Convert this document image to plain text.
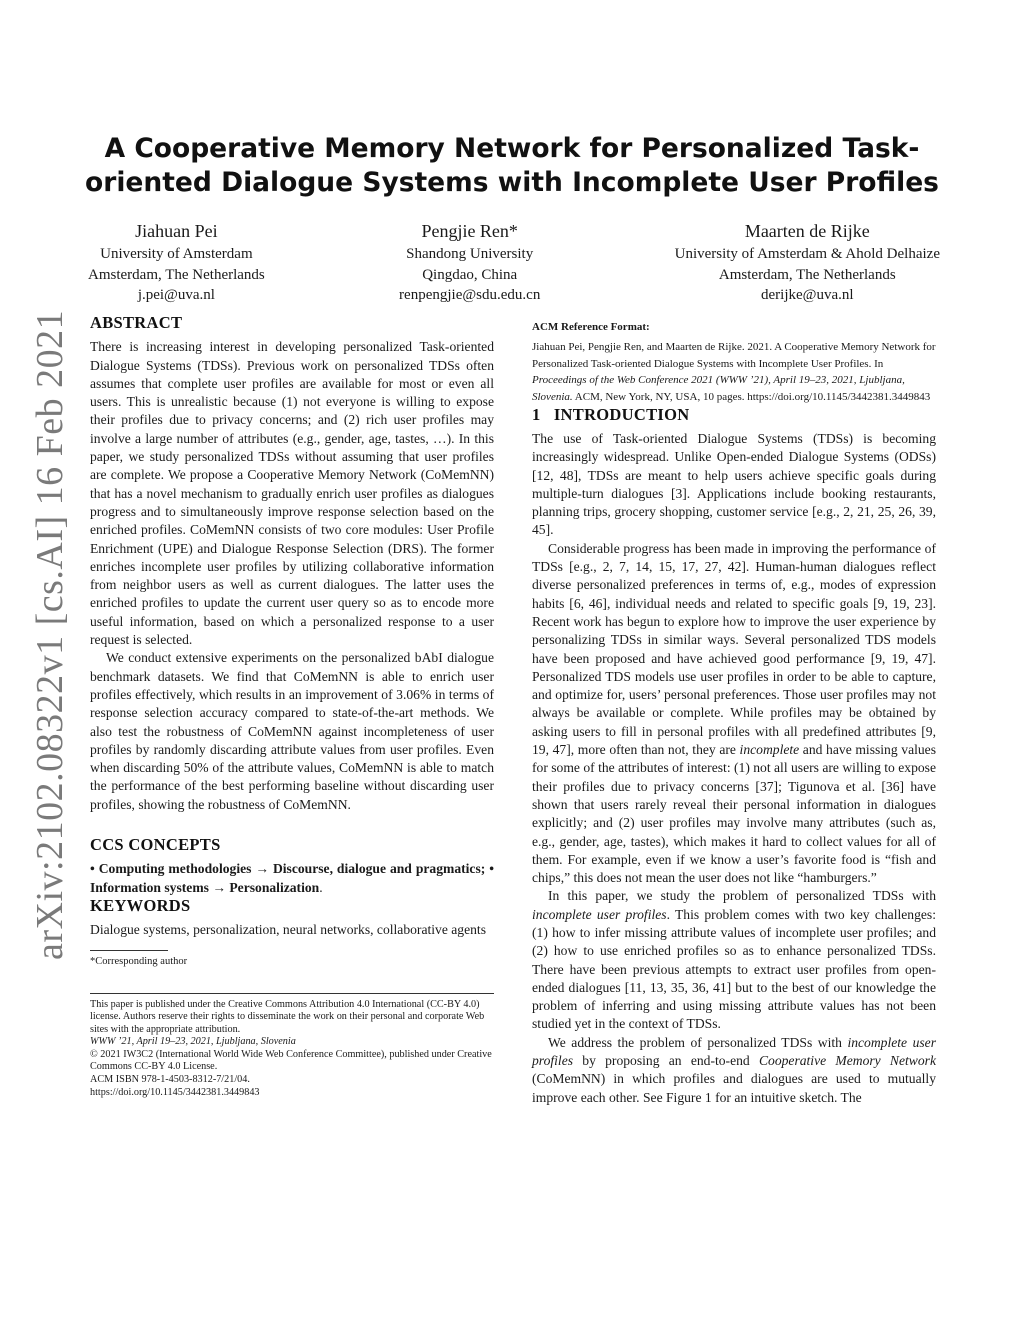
arXiv:2102.08322v1 [cs.AI] 16 Feb 2021
A Cooperative Memory Network for Personalized Task-oriented Dialogue Systems with Incomplete User Profiles
Jiahuan Pei
University of Amsterdam
Amsterdam, The Netherlands
j.pei@uva.nl
Pengjie Ren*
Shandong University
Qingdao, China
renpengjie@sdu.edu.cn
Maarten de Rijke
University of Amsterdam & Ahold Delhaize
Amsterdam, The Netherlands
derijke@uva.nl
ABSTRACT

There is increasing interest in developing personalized Task-oriented Dialogue Systems (TDSs). Previous work on personalized TDSs often assumes that complete user profiles are available for most or even all users. This is unrealistic because (1) not everyone is willing to expose their profiles due to privacy concerns; and (2) rich user profiles may involve a large number of attributes (e.g., gender, age, tastes, …). In this paper, we study personalized TDSs without assuming that user profiles are complete. We propose a Cooperative Memory Network (CoMemNN) that has a novel mechanism to gradually enrich user profiles as dialogues progress and to simultaneously improve response selection based on the enriched profiles. CoMemNN consists of two core modules: User Profile Enrichment (UPE) and Dialogue Response Selection (DRS). The former enriches incomplete user profiles by utilizing collaborative information from neighbor users as well as current dialogues. The latter uses the enriched profiles to update the current user query so as to encode more useful information, based on which a personalized response to a user request is selected.

We conduct extensive experiments on the personalized bAbI dialogue benchmark datasets. We find that CoMemNN is able to enrich user profiles effectively, which results in an improvement of 3.06% in terms of response selection accuracy compared to state-of-the-art methods. We also test the robustness of CoMemNN against incompleteness of user profiles by randomly discarding attribute values from user profiles. Even when discarding 50% of the attribute values, CoMemNN is able to match the performance of the best performing baseline without discarding user profiles, showing the robustness of CoMemNN.

CCS CONCEPTS

• Computing methodologies → Discourse, dialogue and pragmatics; • Information systems → Personalization.

KEYWORDS

Dialogue systems, personalization, neural networks, collaborative agents

*Corresponding author
This paper is published under the Creative Commons Attribution 4.0 International (CC-BY 4.0) license. Authors reserve their rights to disseminate the work on their personal and corporate Web sites with the appropriate attribution.
WWW ’21, April 19–23, 2021, Ljubljana, Slovenia
© 2021 IW3C2 (International World Wide Web Conference Committee), published under Creative Commons CC-BY 4.0 License.
ACM ISBN 978-1-4503-8312-7/21/04.
https://doi.org/10.1145/3442381.3449843
ACM Reference Format:
Jiahuan Pei, Pengjie Ren, and Maarten de Rijke. 2021. A Cooperative Memory Network for Personalized Task-oriented Dialogue Systems with Incomplete User Profiles. In Proceedings of the Web Conference 2021 (WWW ’21), April 19–23, 2021, Ljubljana, Slovenia. ACM, New York, NY, USA, 10 pages. https://doi.org/10.1145/3442381.3449843
1   INTRODUCTION

The use of Task-oriented Dialogue Systems (TDSs) is becoming increasingly widespread. Unlike Open-ended Dialogue Systems (ODSs) [12, 48], TDSs are meant to help users achieve specific goals during multiple-turn dialogues [3]. Applications include booking restaurants, planning trips, grocery shopping, customer service [e.g., 2, 21, 25, 26, 39, 45].

Considerable progress has been made in improving the performance of TDSs [e.g., 2, 7, 14, 15, 17, 27, 42]. Human-human dialogues reflect diverse personalized preferences in terms of, e.g., modes of expression habits [6, 46], individual needs and related to specific goals [9, 19, 23]. Recent work has begun to explore how to improve the user experience by personalizing TDSs in similar ways. Several personalized TDS models have been proposed and have achieved good performance [9, 19, 47]. Personalized TDS models use user profiles in order to be able to capture, and optimize for, users’ personal preferences. Those user profiles may not always be available or complete. While profiles may be obtained by asking users to fill in personal profiles with all predefined attributes [9, 19, 47], more often than not, they are incomplete and have missing values for some of the attributes of interest: (1) not all users are willing to expose their profiles due to privacy concerns [37]; Tigunova et al. [36] have shown that users rarely reveal their personal information in dialogues explicitly; and (2) user profiles may involve many attributes (such as, e.g., gender, age, tastes), which makes it hard to collect values for all of them. For example, even if we know a user’s favorite food is “fish and chips,” this does not mean the user does not like “hamburgers.”

In this paper, we study the problem of personalized TDSs with incomplete user profiles. This problem comes with two key challenges: (1) how to infer missing attribute values of incomplete user profiles; and (2) how to use enriched profiles so as to enhance personalized TDSs. There have been previous attempts to extract user profiles from open-ended dialogues [11, 13, 35, 36, 41] but to the best of our knowledge the problem of inferring and using missing attribute values has not been studied yet in the context of TDSs.

We address the problem of personalized TDSs with incomplete user profiles by proposing an end-to-end Cooperative Memory Network (CoMemNN) in which profiles and dialogues are used to mutually improve each other. See Figure 1 for an intuitive sketch. The
